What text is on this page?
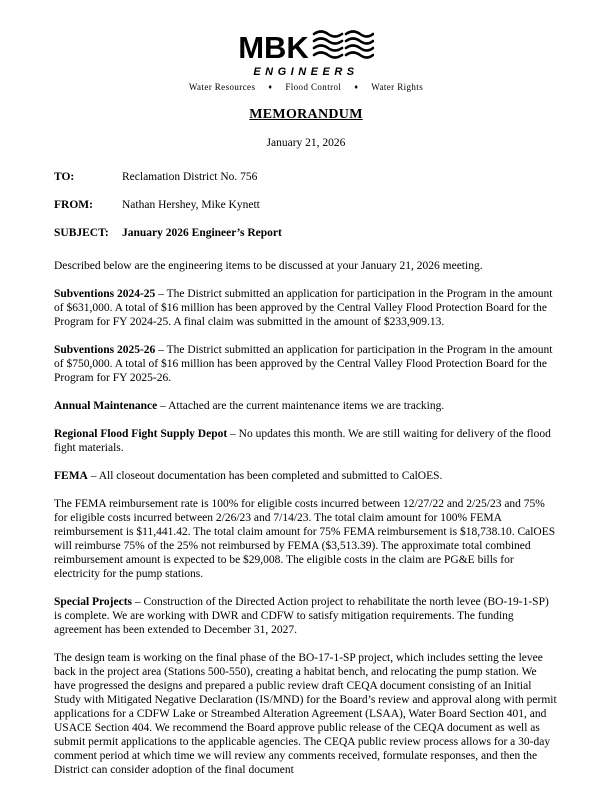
MBK
ENGINEERS
Water Resources ♦ Flood Control ♦ Water Rights
MEMORANDUM
January 21, 2026
TO:	Reclamation District No. 756
FROM:	Nathan Hershey, Mike Kynett
SUBJECT:	January 2026 Engineer’s Report

Described below are the engineering items to be discussed at your January 21, 2026 meeting.

Subventions 2024-25 – The District submitted an application for participation in the Program in the amount of $631,000. A total of $16 million has been approved by the Central Valley Flood Protection Board for the Program for FY 2024-25. A final claim was submitted in the amount of $233,909.13.

Subventions 2025-26 – The District submitted an application for participation in the Program in the amount of $750,000. A total of $16 million has been approved by the Central Valley Flood Protection Board for the Program for FY 2025-26.

Annual Maintenance – Attached are the current maintenance items we are tracking.

Regional Flood Fight Supply Depot – No updates this month. We are still waiting for delivery of the flood fight materials.

FEMA – All closeout documentation has been completed and submitted to CalOES.

The FEMA reimbursement rate is 100% for eligible costs incurred between 12/27/22 and 2/25/23 and 75% for eligible costs incurred between 2/26/23 and 7/14/23. The total claim amount for 100% FEMA reimbursement is $11,441.42. The total claim amount for 75% FEMA reimbursement is $18,738.10. CalOES will reimburse 75% of the 25% not reimbursed by FEMA ($3,513.39). The approximate total combined reimbursement amount is expected to be $29,008. The eligible costs in the claim are PG&E bills for electricity for the pump stations.

Special Projects – Construction of the Directed Action project to rehabilitate the north levee (BO-19-1-SP) is complete. We are working with DWR and CDFW to satisfy mitigation requirements. The funding agreement has been extended to December 31, 2027.

The design team is working on the final phase of the BO-17-1-SP project, which includes setting the levee back in the project area (Stations 500-550), creating a habitat bench, and relocating the pump station. We have progressed the designs and prepared a public review draft CEQA document consisting of an Initial Study with Mitigated Negative Declaration (IS/MND) for the Board’s review and approval along with permit applications for a CDFW Lake or Streambed Alteration Agreement (LSAA), Water Board Section 401, and USACE Section 404. We recommend the Board approve public release of the CEQA document as well as submit permit applications to the applicable agencies. The CEQA public review process allows for a 30-day comment period at which time we will review any comments received, formulate responses, and then the District can consider adoption of the final document
